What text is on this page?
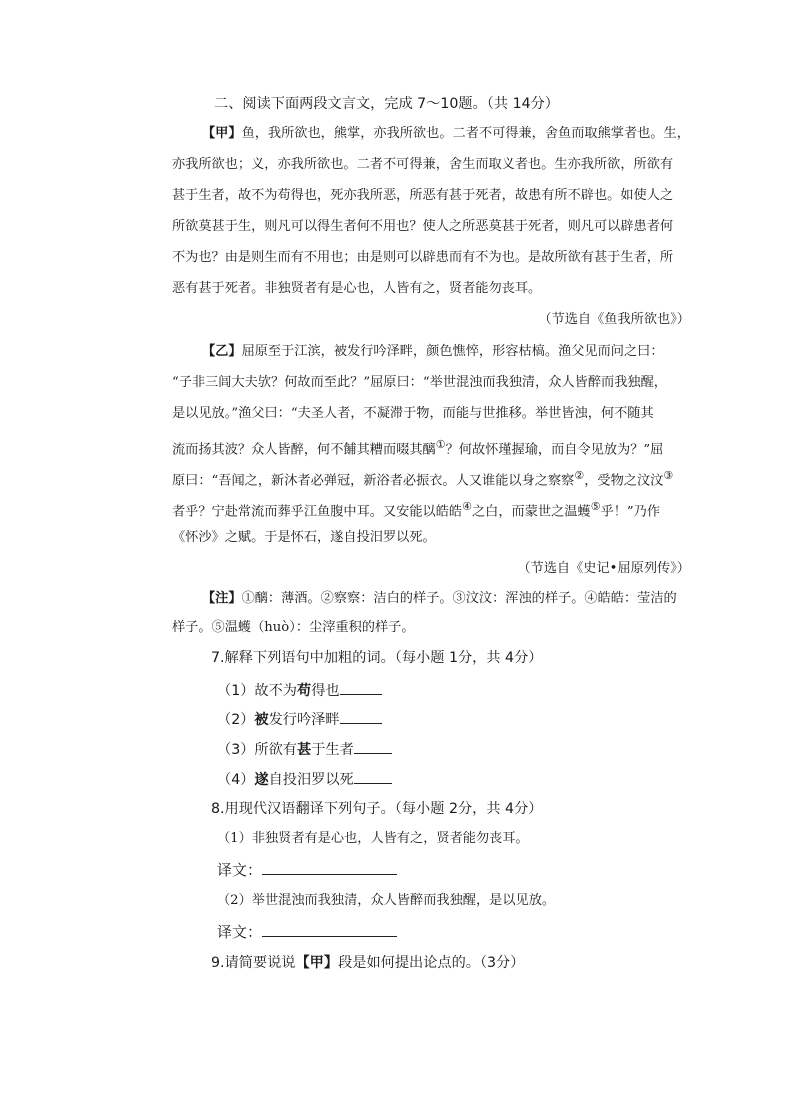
二、阅读下面两段文言文，完成 7～10题。（共 14分）
【甲】鱼，我所欲也，熊掌，亦我所欲也。二者不可得兼，舍鱼而取熊掌者也。生，
亦我所欲也；义，亦我所欲也。二者不可得兼，舍生而取义者也。生亦我所欲，所欲有
甚于生者，故不为苟得也，死亦我所恶，所恶有甚于死者，故患有所不辟也。如使人之
所欲莫甚于生，则凡可以得生者何不用也？使人之所恶莫甚于死者，则凡可以辟患者何
不为也？由是则生而有不用也；由是则可以辟患而有不为也。是故所欲有甚于生者，所
恶有甚于死者。非独贤者有是心也，人皆有之，贤者能勿丧耳。
（节选自《鱼我所欲也》）
【乙】屈原至于江滨，被发行吟泽畔，颜色憔悴，形容枯槁。渔父见而问之曰：
“子非三闾大夫欤？何故而至此？”屈原曰：“举世混浊而我独清，众人皆醉而我独醒，
是以见放。”渔父曰：“夫圣人者，不凝滞于物，而能与世推移。举世皆浊，何不随其
流而扬其波？众人皆醉，何不餔其糟而啜其醨①？何故怀瑾握瑜，而自令见放为？”屈
原曰：“吾闻之，新沐者必弹冠，新浴者必振衣。人又谁能以身之察察②，受物之汶汶③
者乎？宁赴常流而葬乎江鱼腹中耳。又安能以皓皓④之白，而蒙世之温蠖⑤乎！”乃作
《怀沙》之赋。于是怀石，遂自投汨罗以死。
（节选自《史记•屈原列传》）
【注】①醨：薄酒。②察察：洁白的样子。③汶汶：浑浊的样子。④皓皓：莹洁的
样子。⑤温蠖（huò）：尘滓重积的样子。
7.解释下列语句中加粗的词。（每小题 1分，共 4分）
（1）故不为苟得也
（2）被发行吟泽畔
（3）所欲有甚于生者
（4）遂自投汨罗以死
8.用现代汉语翻译下列句子。（每小题 2分，共 4分）
（1）非独贤者有是心也，人皆有之，贤者能勿丧耳。
译文：
（2）举世混浊而我独清，众人皆醉而我独醒，是以见放。
译文：
9.请简要说说【甲】段是如何提出论点的。（3分）
